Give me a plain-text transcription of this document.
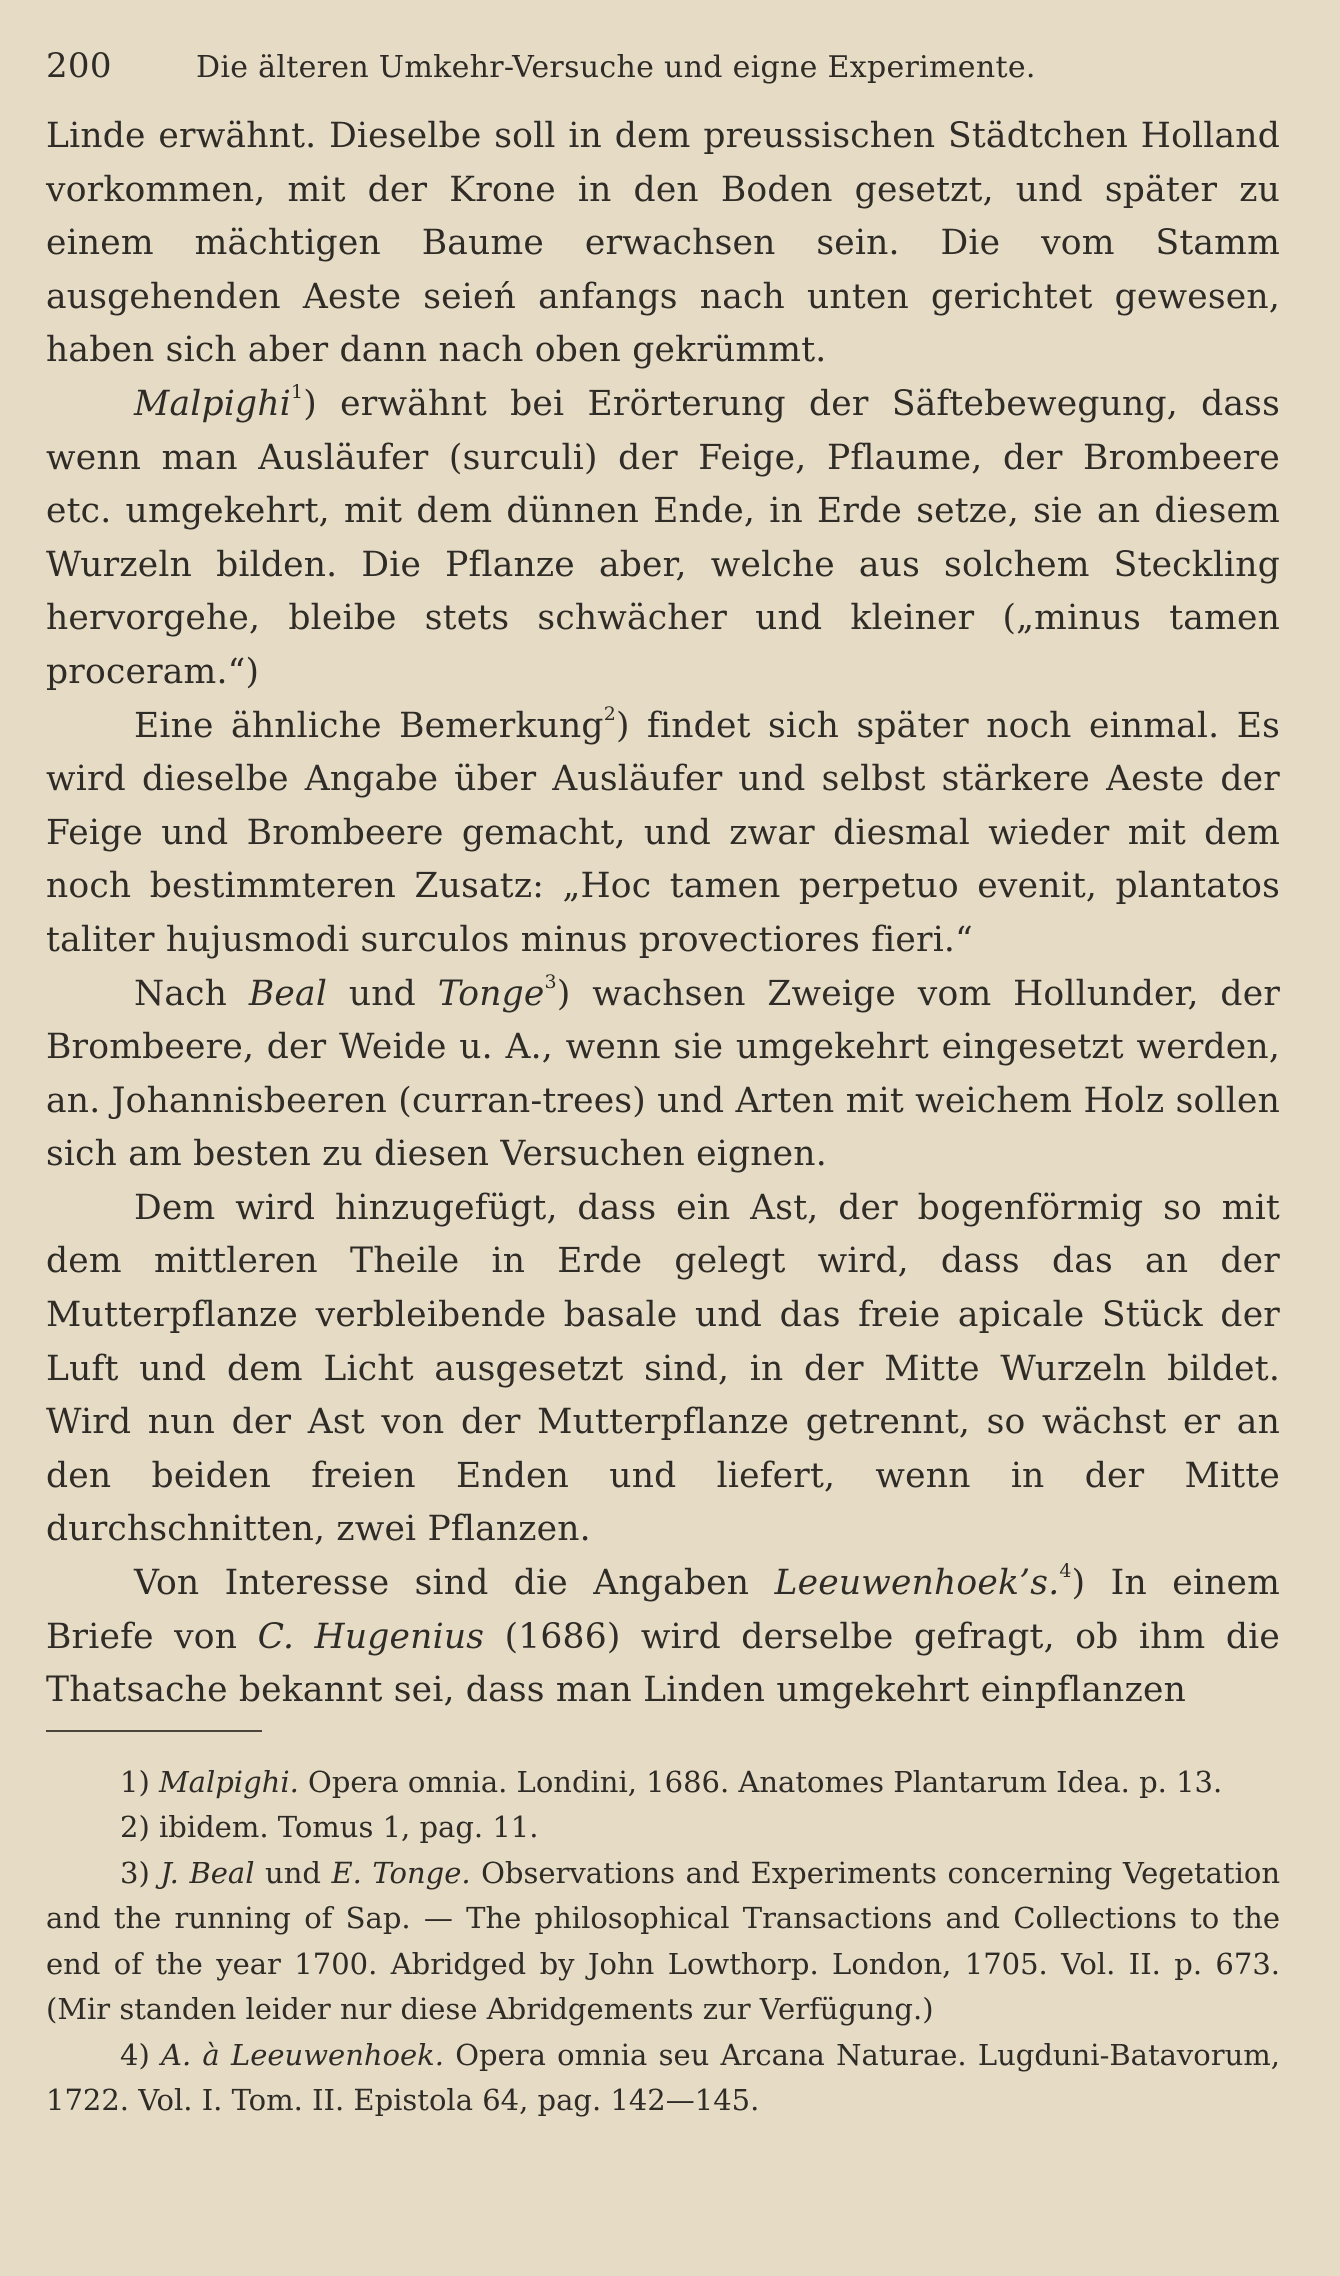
200	Die älteren Umkehr-Versuche und eigne Experimente.

Linde erwähnt. Dieselbe soll in dem preussischen Städtchen Holland vorkommen, mit der Krone in den Boden gesetzt, und später zu einem mächtigen Baume erwachsen sein. Die vom Stamm ausgehenden Aeste seień anfangs nach unten gerichtet gewesen, haben sich aber dann nach oben gekrümmt.

Malpighi$^1$) erwähnt bei Erörterung der Säftebewegung, dass wenn man Ausläufer (surculi) der Feige, Pflaume, der Brombeere etc. umgekehrt, mit dem dünnen Ende, in Erde setze, sie an diesem Wurzeln bilden. Die Pflanze aber, welche aus solchem Steckling hervorgehe, bleibe stets schwächer und kleiner („minus tamen proceram.“)

Eine ähnliche Bemerkung$^2$) findet sich später noch einmal. Es wird dieselbe Angabe über Ausläufer und selbst stärkere Aeste der Feige und Brombeere gemacht, und zwar diesmal wieder mit dem noch bestimmteren Zusatz: „Hoc tamen perpetuo evenit, plantatos taliter hujusmodi surculos minus provectiores fieri.“

Nach Beal und Tonge$^3$) wachsen Zweige vom Hollunder, der Brombeere, der Weide u. A., wenn sie umgekehrt eingesetzt werden, an. Johannisbeeren (curran-trees) und Arten mit weichem Holz sollen sich am besten zu diesen Versuchen eignen.

Dem wird hinzugefügt, dass ein Ast, der bogenförmig so mit dem mittleren Theile in Erde gelegt wird, dass das an der Mutterpflanze verbleibende basale und das freie apicale Stück der Luft und dem Licht ausgesetzt sind, in der Mitte Wurzeln bildet. Wird nun der Ast von der Mutterpflanze getrennt, so wächst er an den beiden freien Enden und liefert, wenn in der Mitte durchschnitten, zwei Pflanzen.

Von Interesse sind die Angaben Leeuwenhoek’s.$^4$) In einem Briefe von C. Hugenius (1686) wird derselbe gefragt, ob ihm die Thatsache bekannt sei, dass man Linden umgekehrt einpflanzen

1) Malpighi. Opera omnia. Londini, 1686. Anatomes Plantarum Idea. p. 13.

2) ibidem. Tomus 1, pag. 11.

3) J. Beal und E. Tonge. Observations and Experiments concerning Vegetation and the running of Sap. — The philosophical Transactions and Collections to the end of the year 1700. Abridged by John Lowthorp. London, 1705. Vol. II. p. 673. (Mir standen leider nur diese Abridgements zur Verfügung.)

4) A. à Leeuwenhoek. Opera omnia seu Arcana Naturae. Lugduni-Batavorum, 1722. Vol. I. Tom. II. Epistola 64, pag. 142—145.
